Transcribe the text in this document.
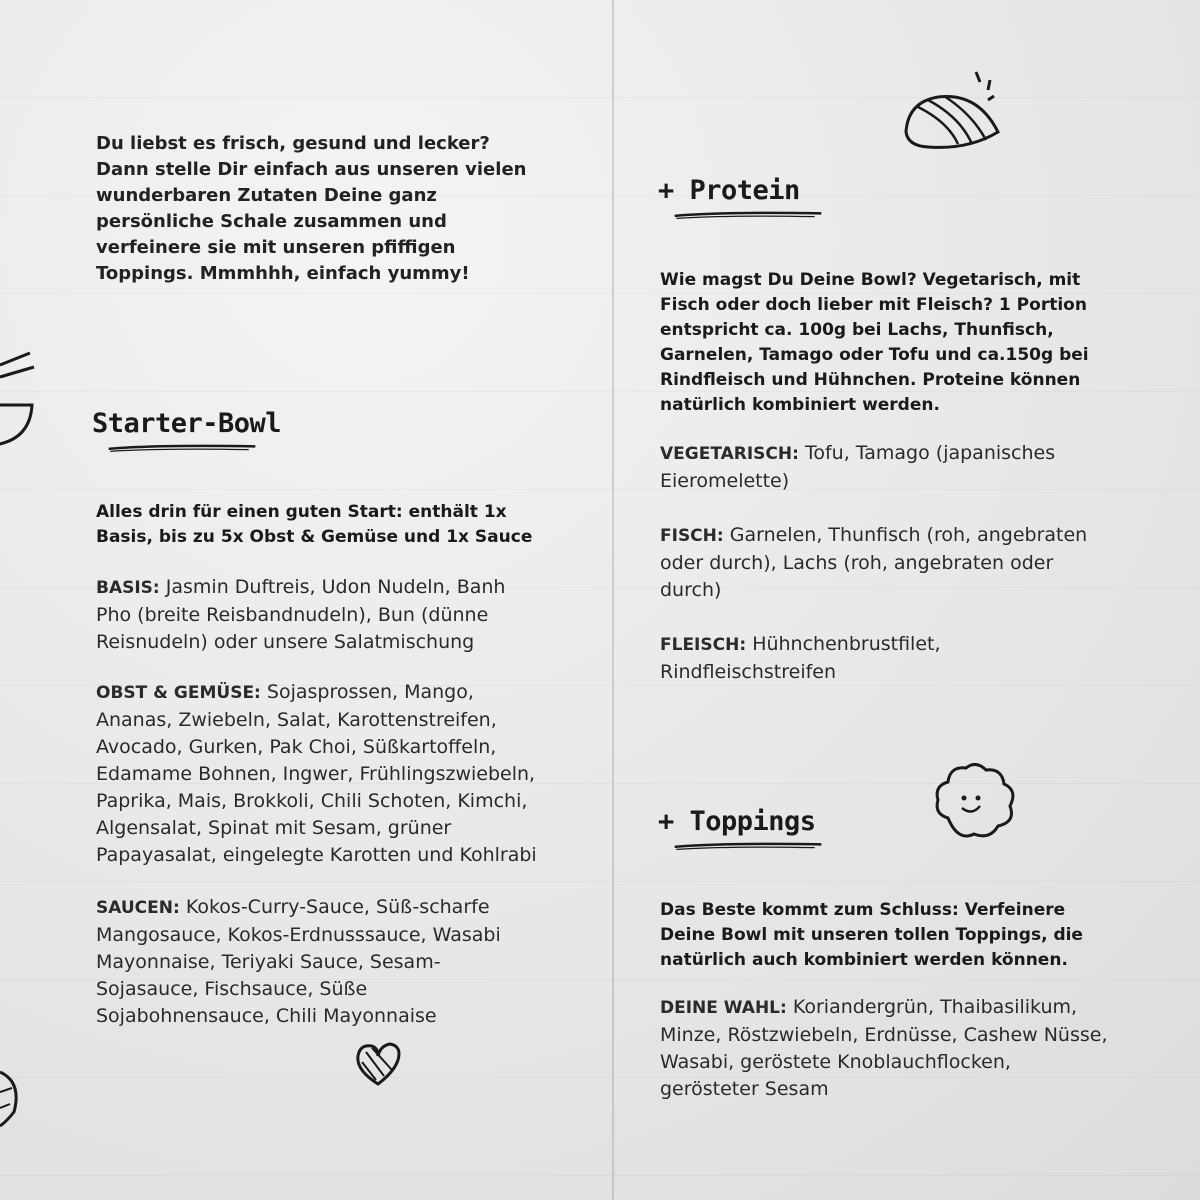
Du liebst es frisch, gesund und lecker? Dann stelle Dir einfach aus unseren vielen wunderbaren Zutaten Deine ganz persönliche Schale zusammen und verfeinere sie mit unseren pfiffigen Toppings. Mmmhhh, einfach yummy!

Starter-Bowl

Alles drin für einen guten Start: enthält 1x Basis, bis zu 5x Obst & Gemüse und 1x Sauce

BASIS: Jasmin Duftreis, Udon Nudeln, Banh Pho (breite Reisbandnudeln), Bun (dünne Reisnudeln) oder unsere Salatmischung

OBST & GEMÜSE: Sojasprossen, Mango, Ananas, Zwiebeln, Salat, Karottenstreifen, Avocado, Gurken, Pak Choi, Süßkartoffeln, Edamame Bohnen, Ingwer, Frühlingszwiebeln, Paprika, Mais, Brokkoli, Chili Schoten, Kimchi, Algensalat, Spinat mit Sesam, grüner Papayasalat, eingelegte Karotten und Kohlrabi

SAUCEN: Kokos-Curry-Sauce, Süß-scharfe Mangosauce, Kokos-Erdnusssauce, Wasabi Mayonnaise, Teriyaki Sauce, Sesam-Sojasauce, Fischsauce, Süße Sojabohnensauce, Chili Mayonnaise

+ Protein

Wie magst Du Deine Bowl? Vegetarisch, mit Fisch oder doch lieber mit Fleisch? 1 Portion entspricht ca. 100g bei Lachs, Thunfisch, Garnelen, Tamago oder Tofu und ca.150g bei Rindfleisch und Hühnchen. Proteine können natürlich kombiniert werden.

VEGETARISCH: Tofu, Tamago (japanisches Eieromelette)

FISCH: Garnelen, Thunfisch (roh, angebraten oder durch), Lachs (roh, angebraten oder durch)

FLEISCH: Hühnchenbrustfilet, Rindfleischstreifen

+ Toppings

Das Beste kommt zum Schluss: Verfeinere Deine Bowl mit unseren tollen Toppings, die natürlich auch kombiniert werden können.

DEINE WAHL: Koriandergrün, Thaibasilikum, Minze, Röstzwiebeln, Erdnüsse, Cashew Nüsse, Wasabi, geröstete Knoblauchflocken, gerösteter Sesam
